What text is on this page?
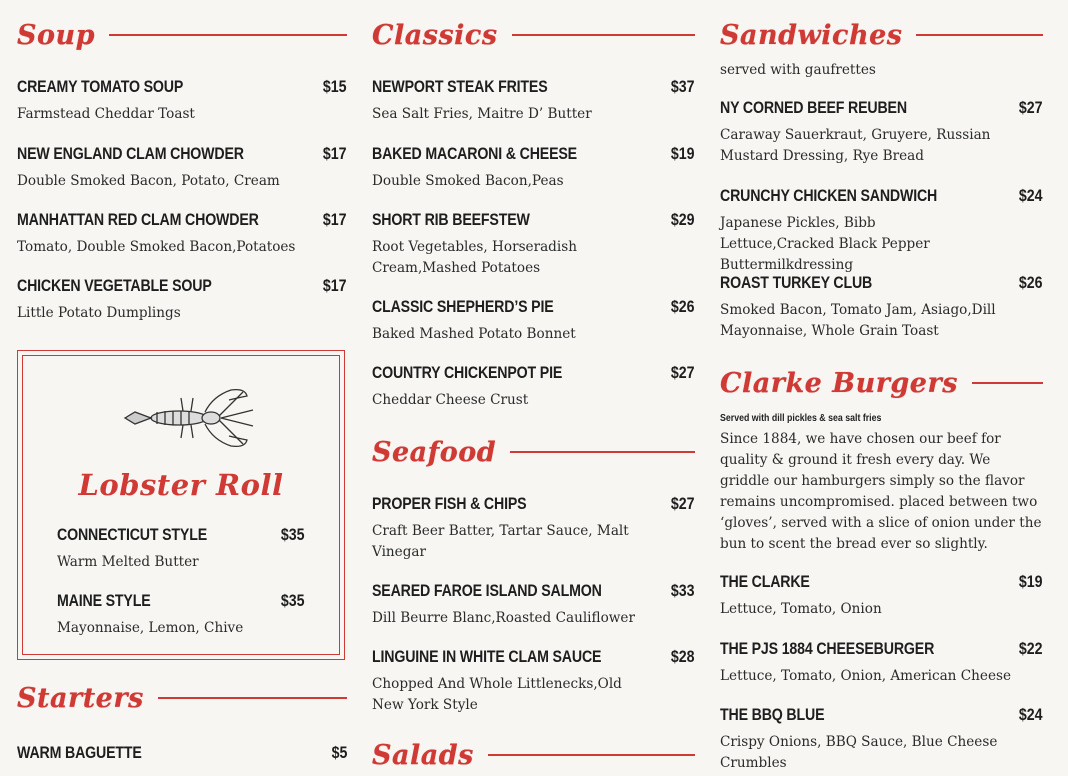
Soup
CREAMY TOMATO SOUP	$15
Farmstead Cheddar Toast
NEW ENGLAND CLAM CHOWDER	$17
Double Smoked Bacon, Potato, Cream
MANHATTAN RED CLAM CHOWDER	$17
Tomato, Double Smoked Bacon,Potatoes
CHICKEN VEGETABLE SOUP	$17
Little Potato Dumplings
Lobster Roll
CONNECTICUT STYLE	$35
Warm Melted Butter
MAINE STYLE	$35
Mayonnaise, Lemon, Chive
Starters
WARM BAGUETTE	$5
Classics
NEWPORT STEAK FRITES	$37
Sea Salt Fries, Maitre D’ Butter
BAKED MACARONI & CHEESE	$19
Double Smoked Bacon,Peas
SHORT RIB BEEFSTEW	$29
Root Vegetables, Horseradish Cream,Mashed Potatoes
CLASSIC SHEPHERD’S PIE	$26
Baked Mashed Potato Bonnet
COUNTRY CHICKENPOT PIE	$27
Cheddar Cheese Crust
Seafood
PROPER FISH & CHIPS	$27
Craft Beer Batter, Tartar Sauce, Malt Vinegar
SEARED FAROE ISLAND SALMON	$33
Dill Beurre Blanc,Roasted Cauliflower
LINGUINE IN WHITE CLAM SAUCE	$28
Chopped And Whole Littlenecks,Old New York Style
Salads
Sandwiches
served with gaufrettes
NY CORNED BEEF REUBEN	$27
Caraway Sauerkraut, Gruyere, Russian Mustard Dressing, Rye Bread
CRUNCHY CHICKEN SANDWICH	$24
Japanese Pickles, Bibb Lettuce,Cracked Black Pepper Buttermilkdressing
ROAST TURKEY CLUB	$26
Smoked Bacon, Tomato Jam, Asiago,Dill Mayonnaise, Whole Grain Toast
Clarke Burgers
Served with dill pickles & sea salt fries
Since 1884, we have chosen our beef for quality & ground it fresh every day. We griddle our hamburgers simply so the flavor remains uncompromised. placed between two ‘gloves’, served with a slice of onion under the bun to scent the bread ever so slightly.
THE CLARKE	$19
Lettuce, Tomato, Onion
THE PJS 1884 CHEESEBURGER	$22
Lettuce, Tomato, Onion, American Cheese
THE BBQ BLUE	$24
Crispy Onions, BBQ Sauce, Blue Cheese Crumbles
